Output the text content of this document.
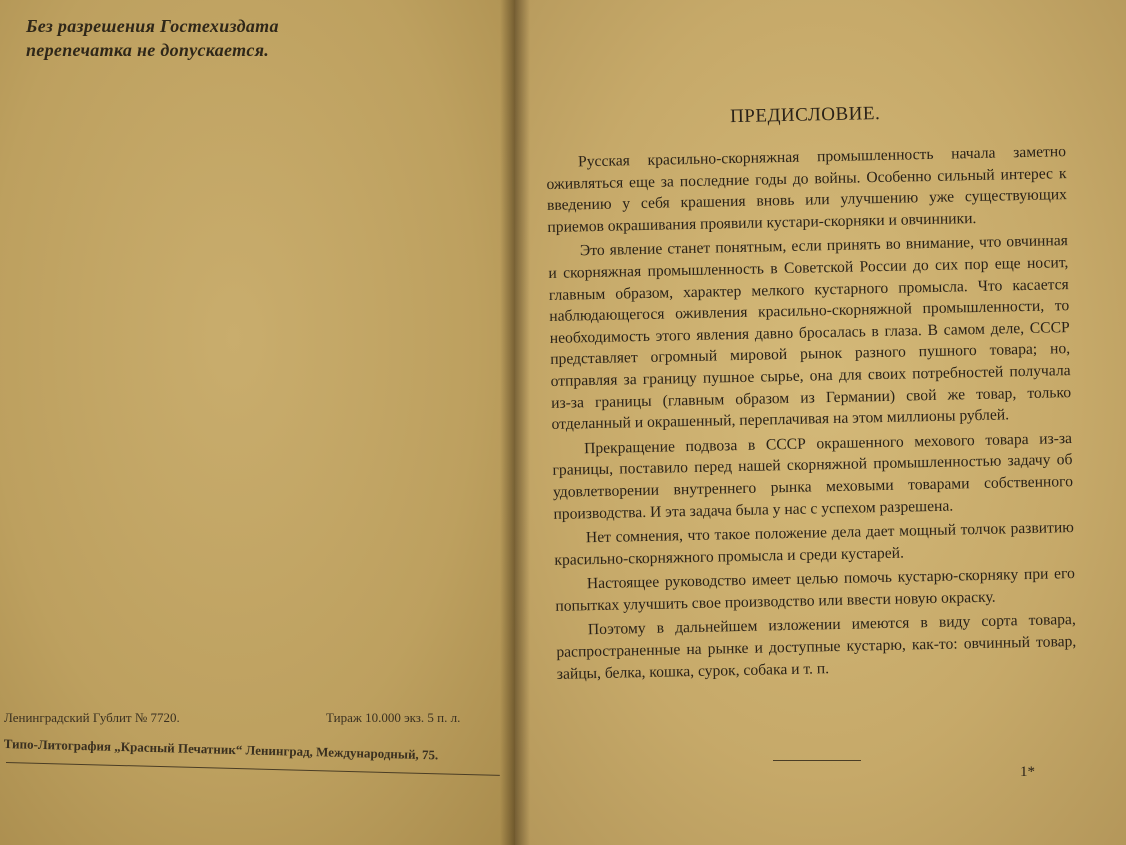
Без разрешения Гостехиздата
перепечатка не допускается.
Ленинградский Гублит № 7720.	Тираж 10.000 экз. 5 п. л.
Типо-Литография „Красный Печатник“ Ленинград, Международный, 75.
ПРЕДИСЛОВИЕ.

Русская красильно-скорняжная промышленность начала заметно оживляться еще за последние годы до войны. Особенно сильный интерес к введению у себя крашения вновь или улучшению уже существующих приемов окрашивания проявили кустари-скорняки и овчинники.

Это явление станет понятным, если принять во внимание, что овчинная и скорняжная промышленность в Советской России до сих пор еще носит, главным образом, характер мелкого кустарного промысла. Что касается наблюдающегося оживления красильно-скорняжной промышленности, то необходимость этого явления давно бросалась в глаза. В самом деле, СССР представляет огромный мировой рынок разного пушного товара; но, отправляя за границу пушное сырье, она для своих потребностей получала из-за границы (главным образом из Германии) свой же товар, только отделанный и окрашенный, переплачивая на этом миллионы рублей.

Прекращение подвоза в СССР окрашенного мехового товара из-за границы, поставило перед нашей скорняжной промышленностью задачу об удовлетворении внутреннего рынка меховыми товарами собственного производства. И эта задача была у нас с успехом разрешена.

Нет сомнения, что такое положение дела дает мощный толчок развитию красильно-скорняжного промысла и среди кустарей.

Настоящее руководство имеет целью помочь кустарю-скорняку при его попытках улучшить свое производство или ввести новую окраску.

Поэтому в дальнейшем изложении имеются в виду сорта товара, распространенные на рынке и доступные кустарю, как-то: овчинный товар, зайцы, белка, кошка, сурок, собака и т. п.

1*
